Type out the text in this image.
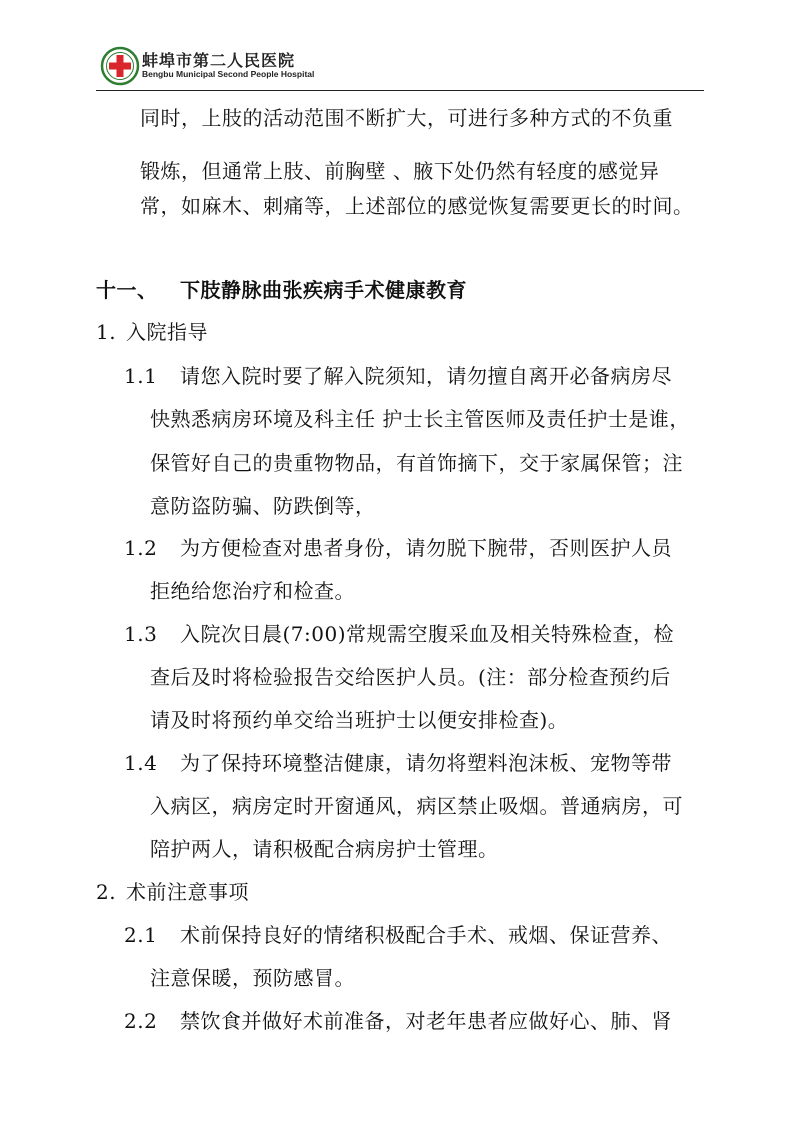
蚌埠市第二人民医院
Bengbu Municipal Second People Hospital
同时，上肢的活动范围不断扩大，可进行多种方式的不负重
锻炼，但通常上肢、前胸壁 、腋下处仍然有轻度的感觉异
常，如麻木、刺痛等，上述部位的感觉恢复需要更长的时间。
十一、 下肢静脉曲张疾病手术健康教育
1. 入院指导
1.1 请您入院时要了解入院须知，请勿擅自离开必备病房尽
快熟悉病房环境及科主任 护士长主管医师及责任护士是谁，
保管好自己的贵重物物品，有首饰摘下，交于家属保管；注
意防盗防骗、防跌倒等，
1.2 为方便检查对患者身份，请勿脱下腕带，否则医护人员
拒绝给您治疗和检查。
1.3 入院次日晨(7:00)常规需空腹采血及相关特殊检查，检
查后及时将检验报告交给医护人员。(注：部分检查预约后
请及时将预约单交给当班护士以便安排检查)。
1.4 为了保持环境整洁健康，请勿将塑料泡沫板、宠物等带
入病区，病房定时开窗通风，病区禁止吸烟。普通病房，可
陪护两人，请积极配合病房护士管理。
2. 术前注意事项
2.1 术前保持良好的情绪积极配合手术、戒烟、保证营养、
注意保暖，预防感冒。
2.2 禁饮食并做好术前准备，对老年患者应做好心、肺、肾
